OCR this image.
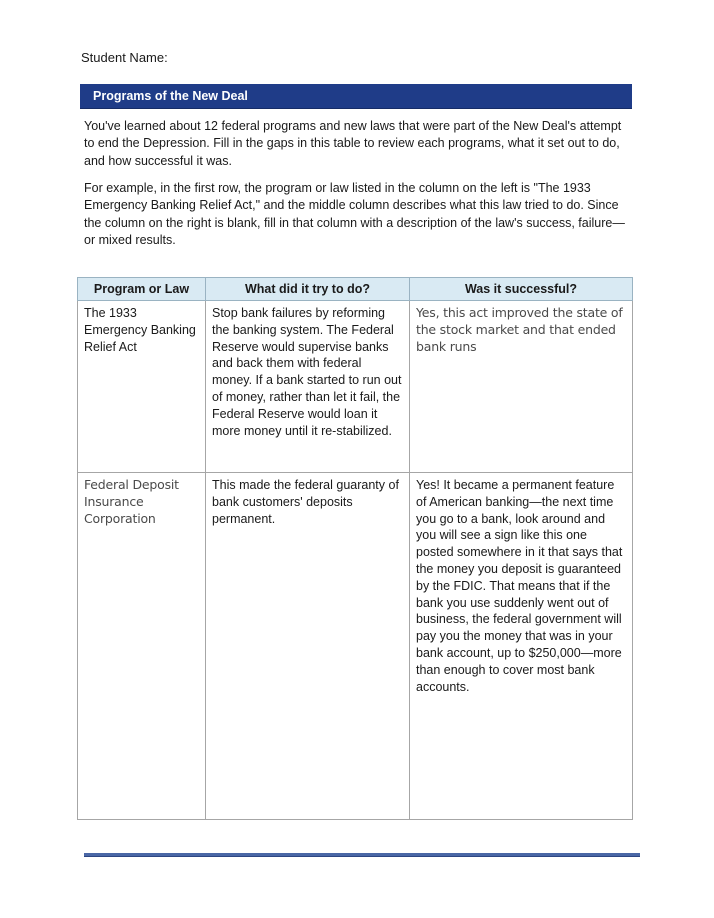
Student Name:
Programs of the New Deal

You've learned about 12 federal programs and new laws that were part of the New Deal's attempt to end the Depression. Fill in the gaps in this table to review each programs, what it set out to do, and how successful it was.

For example, in the first row, the program or law listed in the column on the left is "The 1933 Emergency Banking Relief Act," and the middle column describes what this law tried to do. Since the column on the right is blank, fill in that column with a description of the law's success, failure—or mixed results.

Program or Law	What did it try to do?	Was it successful?
The 1933 Emergency Banking Relief Act	Stop bank failures by reforming the banking system. The Federal Reserve would supervise banks and back them with federal money. If a bank started to run out of money, rather than let it fail, the Federal Reserve would loan it more money until it re-stabilized.	Yes, this act improved the state of the stock market and that ended bank runs
Federal Deposit Insurance Corporation	This made the federal guaranty of bank customers' deposits permanent.	Yes! It became a permanent feature of American banking—the next time you go to a bank, look around and you will see a sign like this one posted somewhere in it that says that the money you deposit is guaranteed by the FDIC. That means that if the bank you use suddenly went out of business, the federal government will pay you the money that was in your bank account, up to $250,000—more than enough to cover most bank accounts.
